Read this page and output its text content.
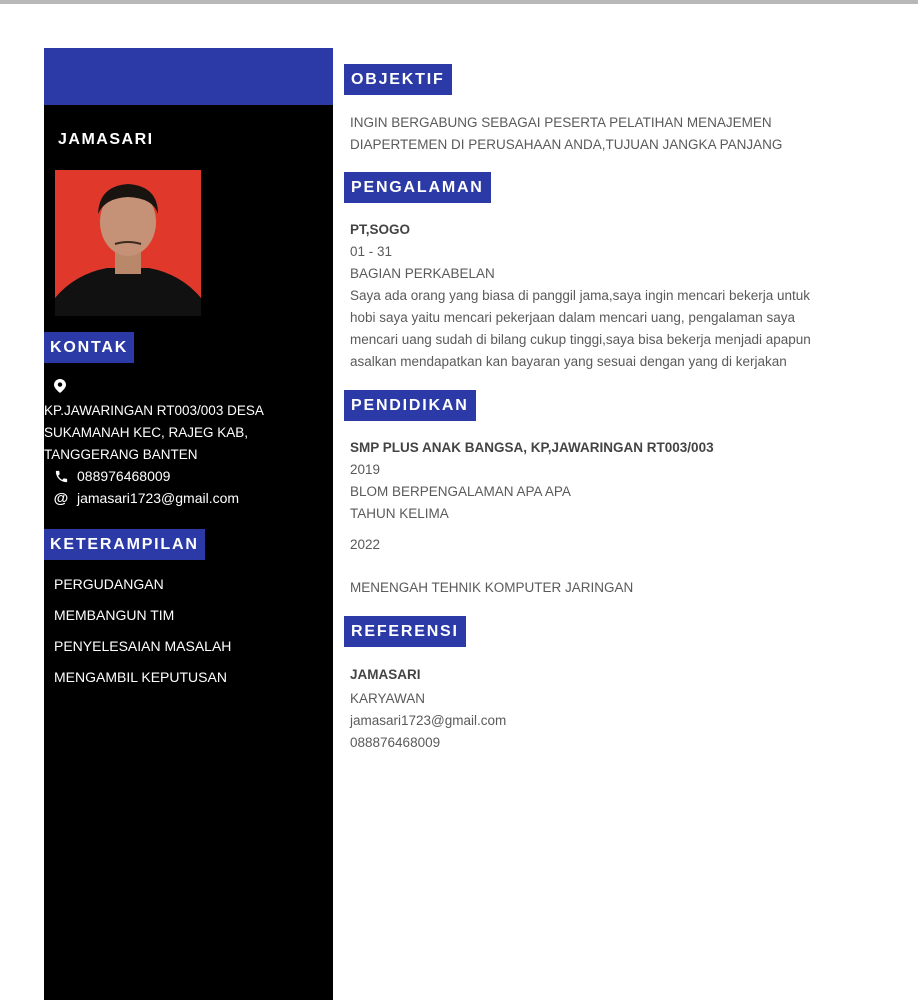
JAMASARI
KONTAK
KP.JAWARINGAN RT003/003 DESA
SUKAMANAH KEC, RAJEG KAB,
TANGGERANG BANTEN
088976468009
@ jamasari1723@gmail.com
KETERAMPILAN
PERGUDANGAN
MEMBANGUN TIM
PENYELESAIAN MASALAH
MENGAMBIL KEPUTUSAN
OBJEKTIF

INGIN BERGABUNG SEBAGAI PESERTA PELATIHAN MENAJEMEN

DIAPERTEMEN DI PERUSAHAAN ANDA,TUJUAN JANGKA PANJANG

PENGALAMAN

PT,SOGO

01 - 31

BAGIAN PERKABELAN

Saya ada orang yang biasa di panggil jama,saya ingin mencari bekerja untuk

hobi saya yaitu mencari pekerjaan dalam mencari uang, pengalaman saya

mencari uang sudah di bilang cukup tinggi,saya bisa bekerja menjadi apapun

asalkan mendapatkan kan bayaran yang sesuai dengan yang di kerjakan

PENDIDIKAN

SMP PLUS ANAK BANGSA, KP,JAWARINGAN RT003/003

2019

BLOM BERPENGALAMAN APA APA

TAHUN KELIMA

2022

MENENGAH TEHNIK KOMPUTER JARINGAN

REFERENSI

JAMASARI

KARYAWAN

jamasari1723@gmail.com

088876468009
